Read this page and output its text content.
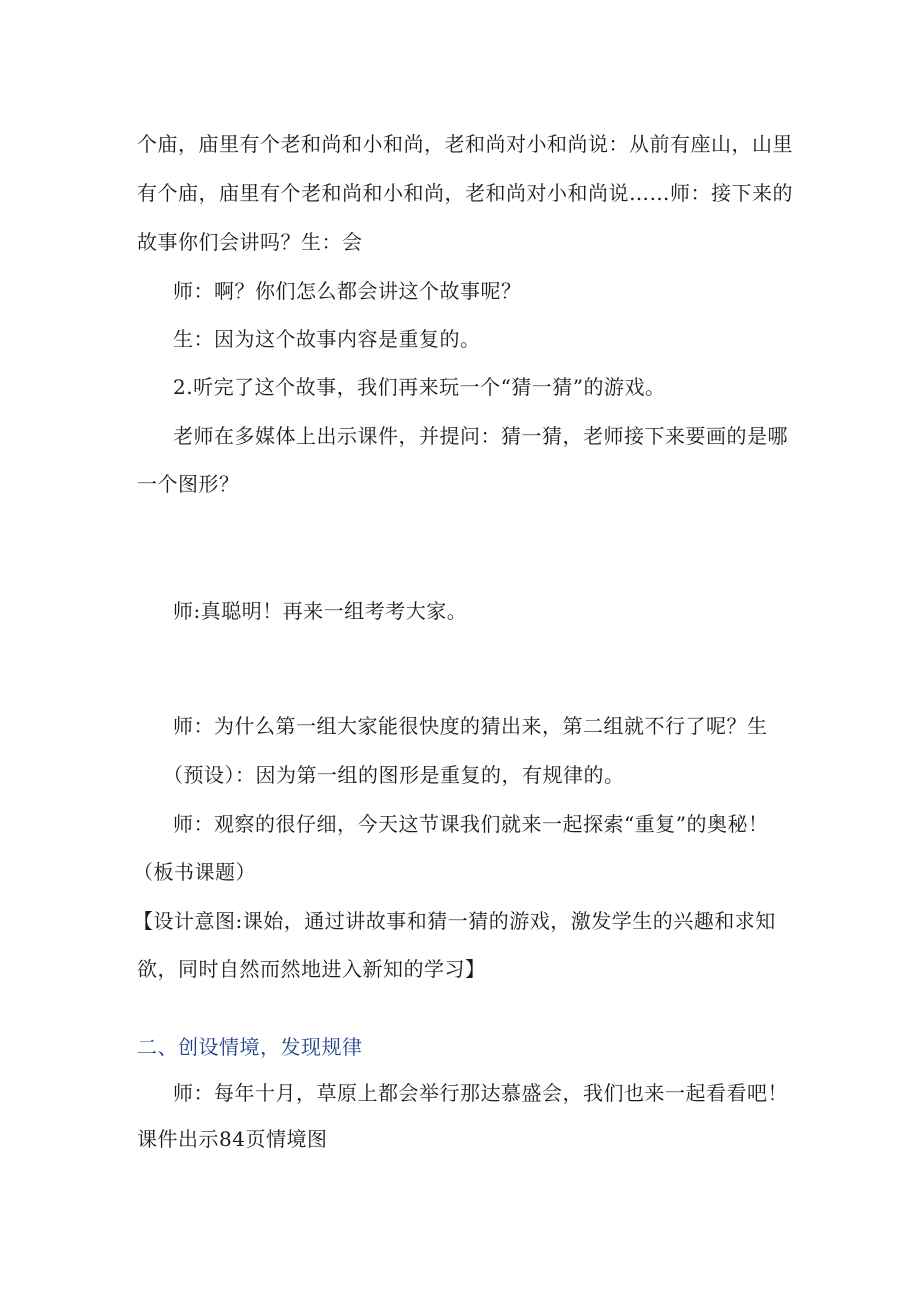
个庙，庙里有个老和尚和小和尚，老和尚对小和尚说：从前有座山，山里
有个庙，庙里有个老和尚和小和尚，老和尚对小和尚说……师：接下来的
故事你们会讲吗？生：会
师：啊？你们怎么都会讲这个故事呢？
生：因为这个故事内容是重复的。
2.听完了这个故事，我们再来玩一个“猜一猜”的游戏。
老师在多媒体上出示课件，并提问：猜一猜，老师接下来要画的是哪
一个图形？
师:真聪明！再来一组考考大家。
师：为什么第一组大家能很快度的猜出来，第二组就不行了呢？生
（预设）：因为第一组的图形是重复的，有规律的。
师：观察的很仔细，今天这节课我们就来一起探索“重复”的奥秘！
（板书课题）
【设计意图:课始，通过讲故事和猜一猜的游戏，激发学生的兴趣和求知
欲，同时自然而然地进入新知的学习】
二、创设情境，发现规律
师：每年十月，草原上都会举行那达慕盛会，我们也来一起看看吧！
课件出示84页情境图
